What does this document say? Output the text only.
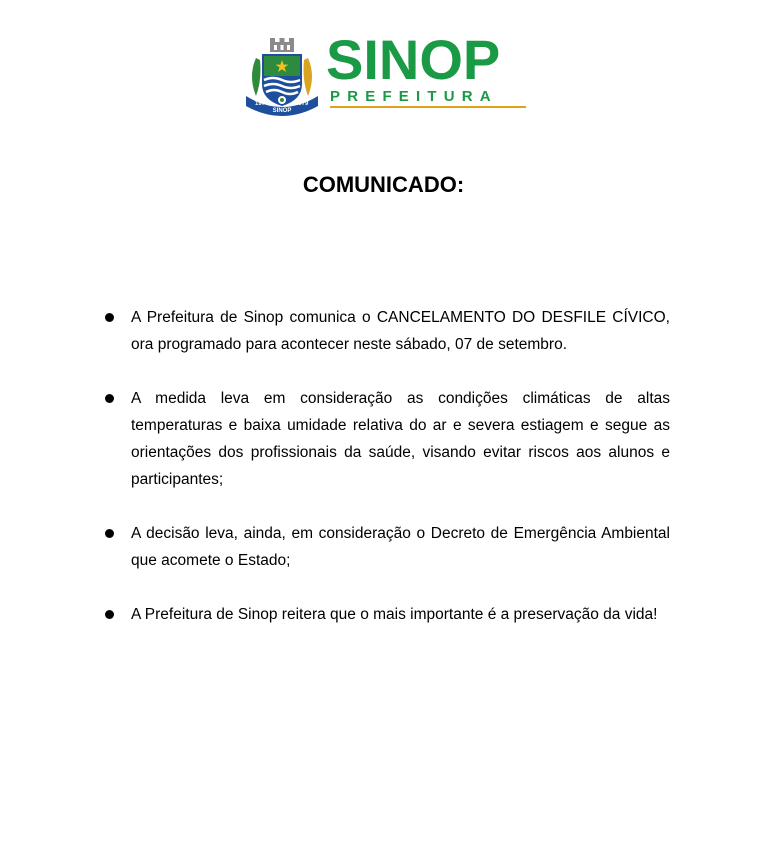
1974
SINOP
1979
SINOP
PREFEITURA
COMUNICADO:
A Prefeitura de Sinop comunica o CANCELAMENTO DO DESFILE CÍVICO, ora programado para acontecer neste sábado, 07 de setembro.
A medida leva em consideração as condições climáticas de altas temperaturas e baixa umidade relativa do ar e severa estiagem e segue as orientações dos profissionais da saúde, visando evitar riscos aos alunos e participantes;
A decisão leva, ainda, em consideração o Decreto de Emergência Ambiental que acomete o Estado;
A Prefeitura de Sinop reitera que o mais importante é a preservação da vida!
